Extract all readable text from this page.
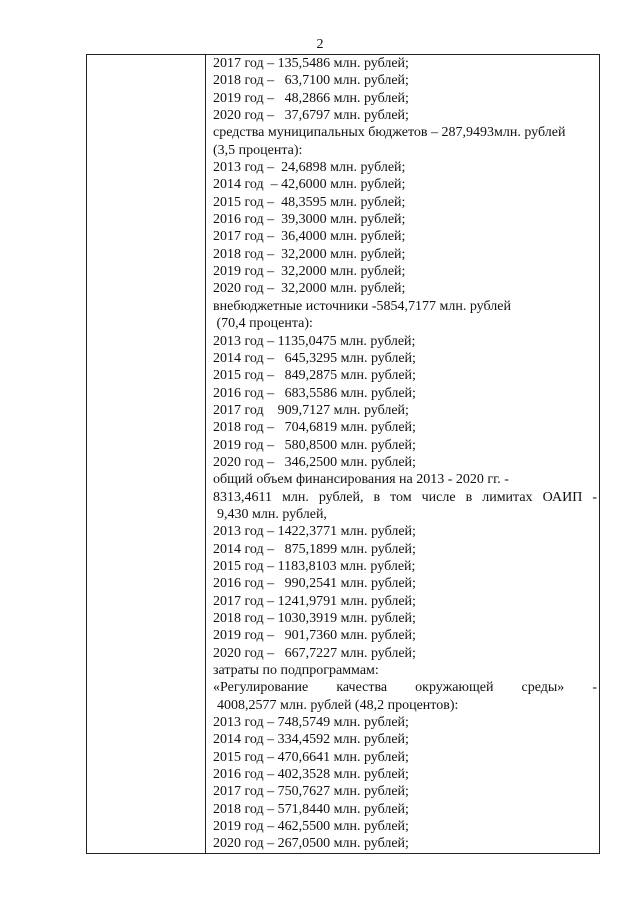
2
2017 год – 135,5486 млн. рублей;
2018 год –   63,7100 млн. рублей;
2019 год –   48,2866 млн. рублей;
2020 год –   37,6797 млн. рублей;
средства муниципальных бюджетов – 287,9493млн. рублей
(3,5 процента):
2013 год –  24,6898 млн. рублей;
2014 год  – 42,6000 млн. рублей;
2015 год –  48,3595 млн. рублей;
2016 год –  39,3000 млн. рублей;
2017 год –  36,4000 млн. рублей;
2018 год –  32,2000 млн. рублей;
2019 год –  32,2000 млн. рублей;
2020 год –  32,2000 млн. рублей;
внебюджетные источники -5854,7177 млн. рублей
(70,4 процента):
2013 год – 1135,0475 млн. рублей;
2014 год –   645,3295 млн. рублей;
2015 год –   849,2875 млн. рублей;
2016 год –   683,5586 млн. рублей;
2017 год    909,7127 млн. рублей;
2018 год –   704,6819 млн. рублей;
2019 год –   580,8500 млн. рублей;
2020 год –   346,2500 млн. рублей;
общий объем финансирования на 2013 - 2020 гг. -
8313,4611 млн. рублей, в том числе в лимитах ОАИП -
9,430 млн. рублей,
2013 год – 1422,3771 млн. рублей;
2014 год –   875,1899 млн. рублей;
2015 год – 1183,8103 млн. рублей;
2016 год –   990,2541 млн. рублей;
2017 год – 1241,9791 млн. рублей;
2018 год – 1030,3919 млн. рублей;
2019 год –   901,7360 млн. рублей;
2020 год –   667,7227 млн. рублей;
затраты по подпрограммам:
«Регулирование качества окружающей среды» -
4008,2577 млн. рублей (48,2 процентов):
2013 год – 748,5749 млн. рублей;
2014 год – 334,4592 млн. рублей;
2015 год – 470,6641 млн. рублей;
2016 год – 402,3528 млн. рублей;
2017 год – 750,7627 млн. рублей;
2018 год – 571,8440 млн. рублей;
2019 год – 462,5500 млн. рублей;
2020 год – 267,0500 млн. рублей;
